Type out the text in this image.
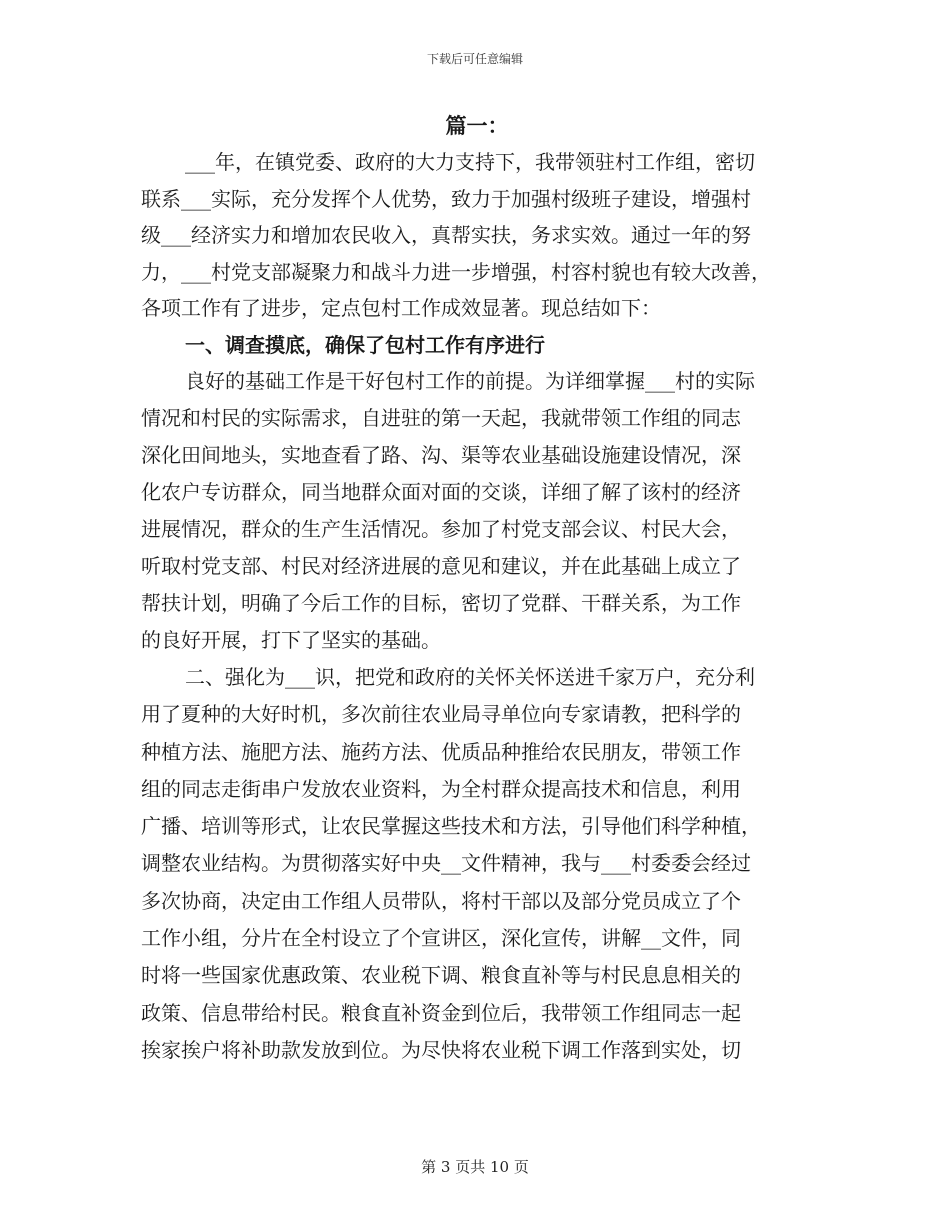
下载后可任意编辑

篇一：

___年，在镇党委、政府的大力支持下，我带领驻村工作组，密切

联系___实际，充分发挥个人优势，致力于加强村级班子建设，增强村

级___经济实力和增加农民收入，真帮实扶，务求实效。通过一年的努

力，___村党支部凝聚力和战斗力进一步增强，村容村貌也有较大改善，

各项工作有了进步，定点包村工作成效显著。现总结如下：

一、调查摸底，确保了包村工作有序进行

良好的基础工作是干好包村工作的前提。为详细掌握___村的实际

情况和村民的实际需求，自进驻的第一天起，我就带领工作组的同志

深化田间地头，实地查看了路、沟、渠等农业基础设施建设情况，深

化农户专访群众，同当地群众面对面的交谈，详细了解了该村的经济

进展情况，群众的生产生活情况。参加了村党支部会议、村民大会，

听取村党支部、村民对经济进展的意见和建议，并在此基础上成立了

帮扶计划，明确了今后工作的目标，密切了党群、干群关系，为工作

的良好开展，打下了坚实的基础。

二、强化为___识，把党和政府的关怀关怀送进千家万户，充分利

用了夏种的大好时机，多次前往农业局寻单位向专家请教，把科学的

种植方法、施肥方法、施药方法、优质品种推给农民朋友，带领工作

组的同志走街串户发放农业资料，为全村群众提高技术和信息，利用

广播、培训等形式，让农民掌握这些技术和方法，引导他们科学种植，

调整农业结构。为贯彻落实好中央__文件精神，我与___村委委会经过

多次协商，决定由工作组人员带队，将村干部以及部分党员成立了个

工作小组，分片在全村设立了个宣讲区，深化宣传，讲解__文件，同

时将一些国家优惠政策、农业税下调、粮食直补等与村民息息相关的

政策、信息带给村民。粮食直补资金到位后，我带领工作组同志一起

挨家挨户将补助款发放到位。为尽快将农业税下调工作落到实处，切

第 3 页共 10 页
